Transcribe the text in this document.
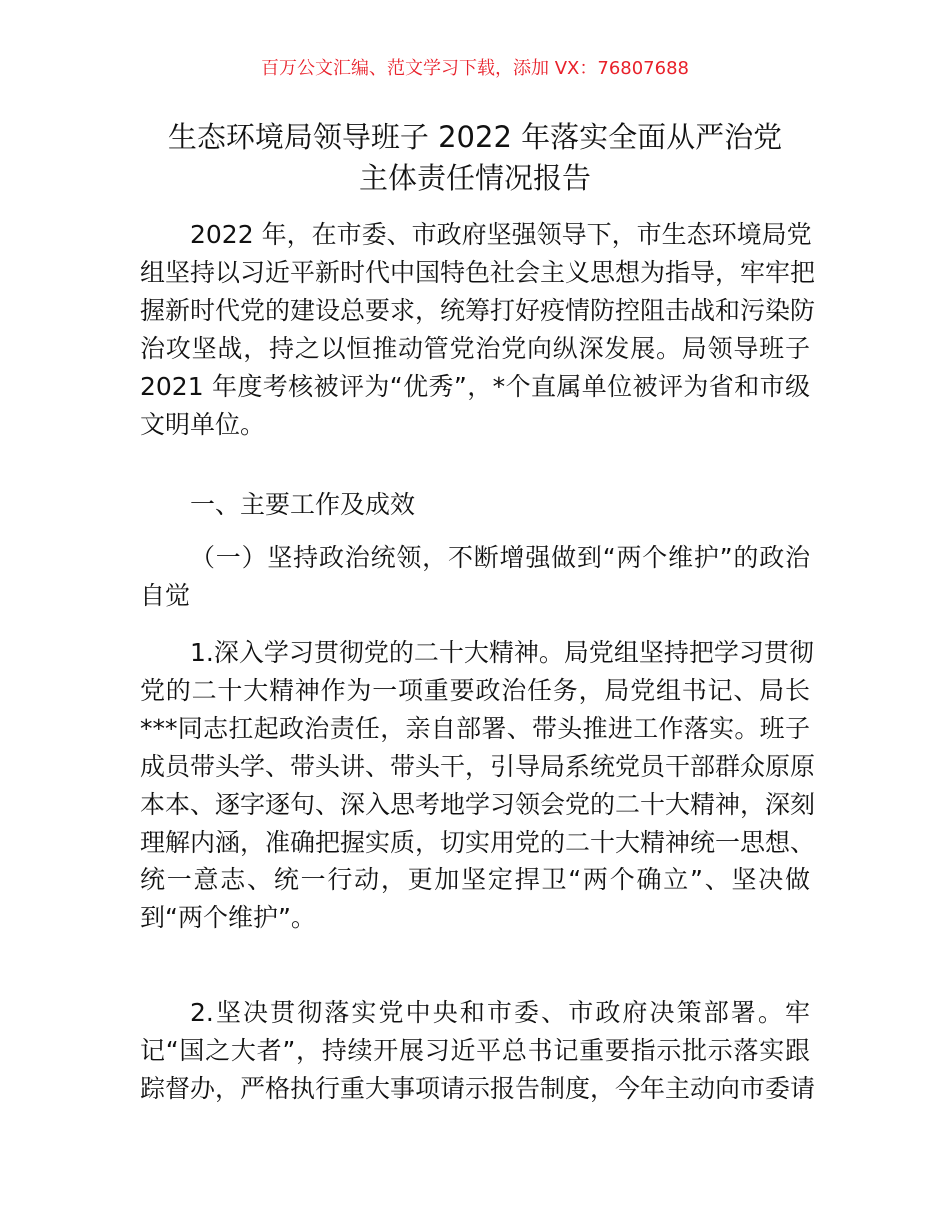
百万公文汇编、范文学习下载，添加 VX：76807688
生态环境局领导班子 2022 年落实全面从严治党
主体责任情况报告
2022 年，在市委、市政府坚强领导下，市生态环境局党
组坚持以习近平新时代中国特色社会主义思想为指导，牢牢把
握新时代党的建设总要求，统筹打好疫情防控阻击战和污染防
治攻坚战，持之以恒推动管党治党向纵深发展。局领导班子
2021 年度考核被评为“优秀”，*个直属单位被评为省和市级
文明单位。
一、主要工作及成效
（一）坚持政治统领，不断增强做到“两个维护”的政治
自觉
1.深入学习贯彻党的二十大精神。局党组坚持把学习贯彻
党的二十大精神作为一项重要政治任务，局党组书记、局长
***同志扛起政治责任，亲自部署、带头推进工作落实。班子
成员带头学、带头讲、带头干，引导局系统党员干部群众原原
本本、逐字逐句、深入思考地学习领会党的二十大精神，深刻
理解内涵，准确把握实质，切实用党的二十大精神统一思想、
统一意志、统一行动，更加坚定捍卫“两个确立”、坚决做
到“两个维护”。
2.坚决贯彻落实党中央和市委、市政府决策部署。牢
记“国之大者”，持续开展习近平总书记重要指示批示落实跟
踪督办，严格执行重大事项请示报告制度，今年主动向市委请
